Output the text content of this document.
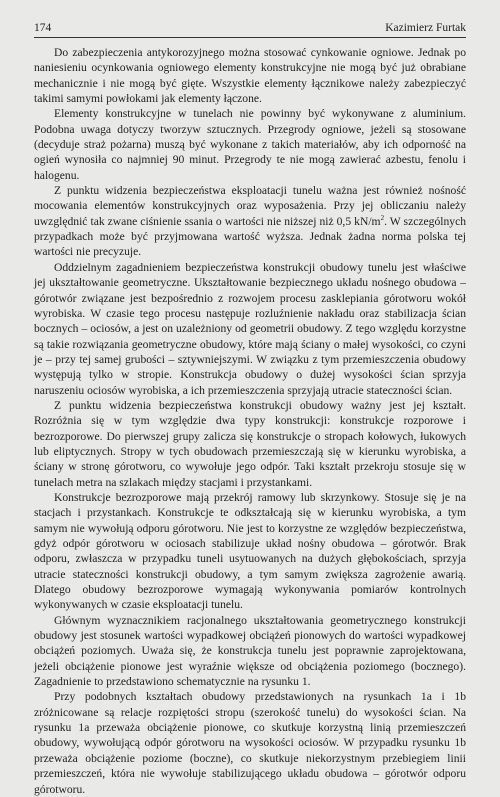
174	Kazimierz Furtak

Do zabezpieczenia antykorozyjnego można stosować cynkowanie ogniowe. Jednak po naniesieniu ocynkowania ogniowego elementy konstrukcyjne nie mogą być już obrabiane mechanicznie i nie mogą być gięte. Wszystkie elementy łącznikowe należy zabezpieczyć takimi samymi powłokami jak elementy łączone.

Elementy konstrukcyjne w tunelach nie powinny być wykonywane z aluminium. Podobna uwaga dotyczy tworzyw sztucznych. Przegrody ogniowe, jeżeli są stosowane (decyduje straż pożarna) muszą być wykonane z takich materiałów, aby ich odporność na ogień wynosiła co najmniej 90 minut. Przegrody te nie mogą zawierać azbestu, fenolu i halogenu.

Z punktu widzenia bezpieczeństwa eksploatacji tunelu ważna jest również nośność mocowania elementów konstrukcyjnych oraz wyposażenia. Przy jej obliczaniu należy uwzględnić tak zwane ciśnienie ssania o wartości nie niższej niż 0,5 $kN/m^2$. W szczególnych przypadkach może być przyjmowana wartość wyższa. Jednak żadna norma polska tej wartości nie precyzuje.

Oddzielnym zagadnieniem bezpieczeństwa konstrukcji obudowy tunelu jest właściwe jej ukształtowanie geometryczne. Ukształtowanie bezpiecznego układu nośnego obudowa – górotwór związane jest bezpośrednio z rozwojem procesu zasklepiania górotworu wokół wyrobiska. W czasie tego procesu następuje rozluźnienie nakładu oraz stabilizacja ścian bocznych – ociosów, a jest on uzależniony od geometrii obudowy. Z tego względu korzystne są takie rozwiązania geometryczne obudowy, które mają ściany o małej wysokości, co czyni je – przy tej samej grubości – sztywniejszymi. W związku z tym przemieszczenia obudowy występują tylko w stropie. Konstrukcja obudowy o dużej wysokości ścian sprzyja naruszeniu ociosów wyrobiska, a ich przemieszczenia sprzyjają utracie stateczności ścian.

Z punktu widzenia bezpieczeństwa konstrukcji obudowy ważny jest jej kształt. Rozróżnia się w tym względzie dwa typy konstrukcji: konstrukcje rozporowe i bezrozporowe. Do pierwszej grupy zalicza się konstrukcje o stropach kołowych, łukowych lub eliptycznych. Stropy w tych obudowach przemieszczają się w kierunku wyrobiska, a ściany w stronę górotworu, co wywołuje jego odpór. Taki kształt przekroju stosuje się w tunelach metra na szlakach między stacjami i przystankami.

Konstrukcje bezrozporowe mają przekrój ramowy lub skrzynkowy. Stosuje się je na stacjach i przystankach. Konstrukcje te odkształcają się w kierunku wyrobiska, a tym samym nie wywołują odporu górotworu. Nie jest to korzystne ze względów bezpieczeństwa, gdyż odpór górotworu w ociosach stabilizuje układ nośny obudowa – górotwór. Brak odporu, zwłaszcza w przypadku tuneli usytuowanych na dużych głębokościach, sprzyja utracie stateczności konstrukcji obudowy, a tym samym zwiększa zagrożenie awarią. Dlatego obudowy bezrozporowe wymagają wykonywania pomiarów kontrolnych wykonywanych w czasie eksploatacji tunelu.

Głównym wyznacznikiem racjonalnego ukształtowania geometrycznego konstrukcji obudowy jest stosunek wartości wypadkowej obciążeń pionowych do wartości wypadkowej obciążeń poziomych. Uważa się, że konstrukcja tunelu jest poprawnie zaprojektowana, jeżeli obciążenie pionowe jest wyraźnie większe od obciążenia poziomego (boczne​go). Zagadnienie to przedstawiono schematycznie na rysunku 1.

Przy podobnych kształtach obudowy przedstawionych na rysunkach 1a i 1b zróżnicowane są relacje rozpiętości stropu (szerokość tunelu) do wysokości ścian. Na rysunku 1a przeważa obciążenie pionowe, co skutkuje korzystną linią przemieszczeń obudowy, wywołującą odpór górotworu na wysokości ociosów. W przypadku rysunku 1b przeważa obciążenie poziome (boczne), co skutkuje niekorzystnym przebiegiem linii przemieszczeń, która nie wywołuje stabilizującego układu obudowa – górotwór odporu górotworu.
